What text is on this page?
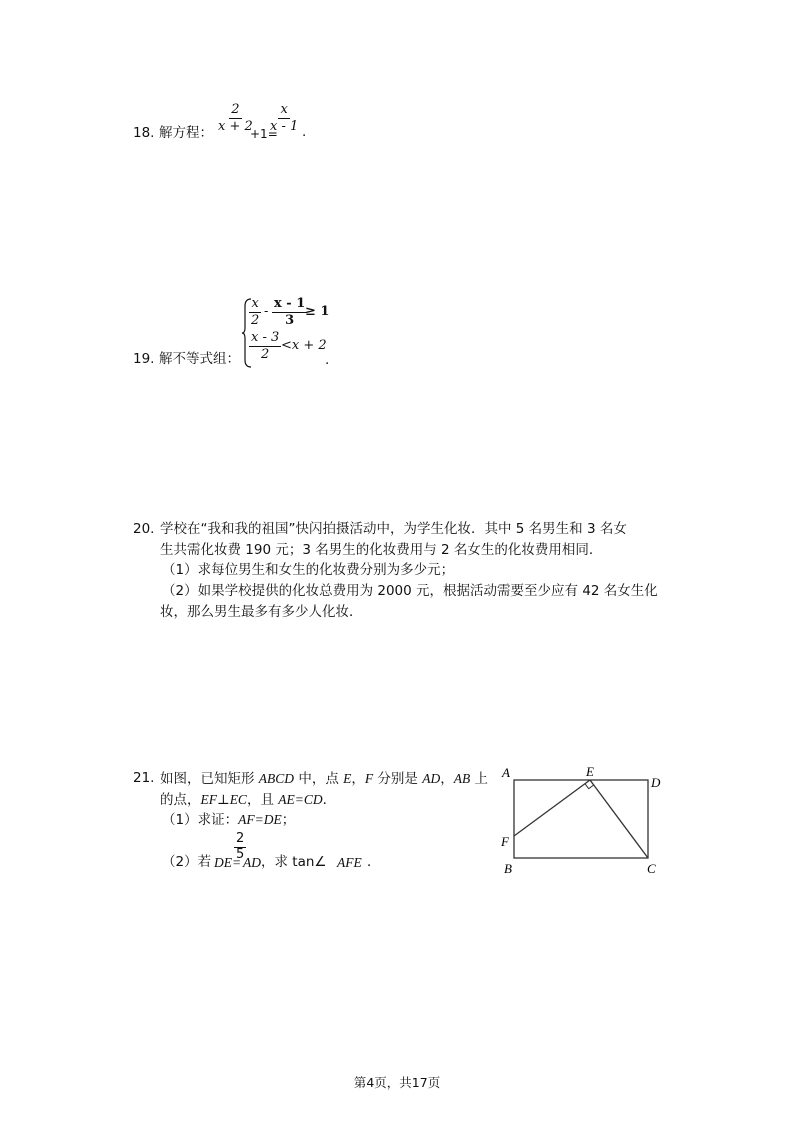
18. 解方程： $\frac{2}{x + 2}$
+1=
$\frac{x}{x - 1}$ .
19. 解不等式组：
$\frac{x}{2} - \frac{x - 1}{3}$
≥ 1
$\frac{x - 3}{2} <x + 2$
.
20. 学校在“我和我的祖国”快闪拍摄活动中，为学生化妆．其中 5 名男生和 3 名女
生共需化妆费 190 元；3 名男生的化妆费用与 2 名女生的化妆费用相同．
（1）求每位男生和女生的化妆费分别为多少元；
（2）如果学校提供的化妆总费用为 2000 元，根据活动需要至少应有 42 名女生化
妆，那么男生最多有多少人化妆．
21. 如图，已知矩形 ABCD 中，点 E，F 分别是 AD，AB 上
的点，EF⊥EC，且 AE=CD．
（1）求证：AF=DE；
（2）若 DE=
$\frac{2}{5}$
AD ，求 tan∠ AFE ．
A	E
D
F
B	C
第4页，共17页
